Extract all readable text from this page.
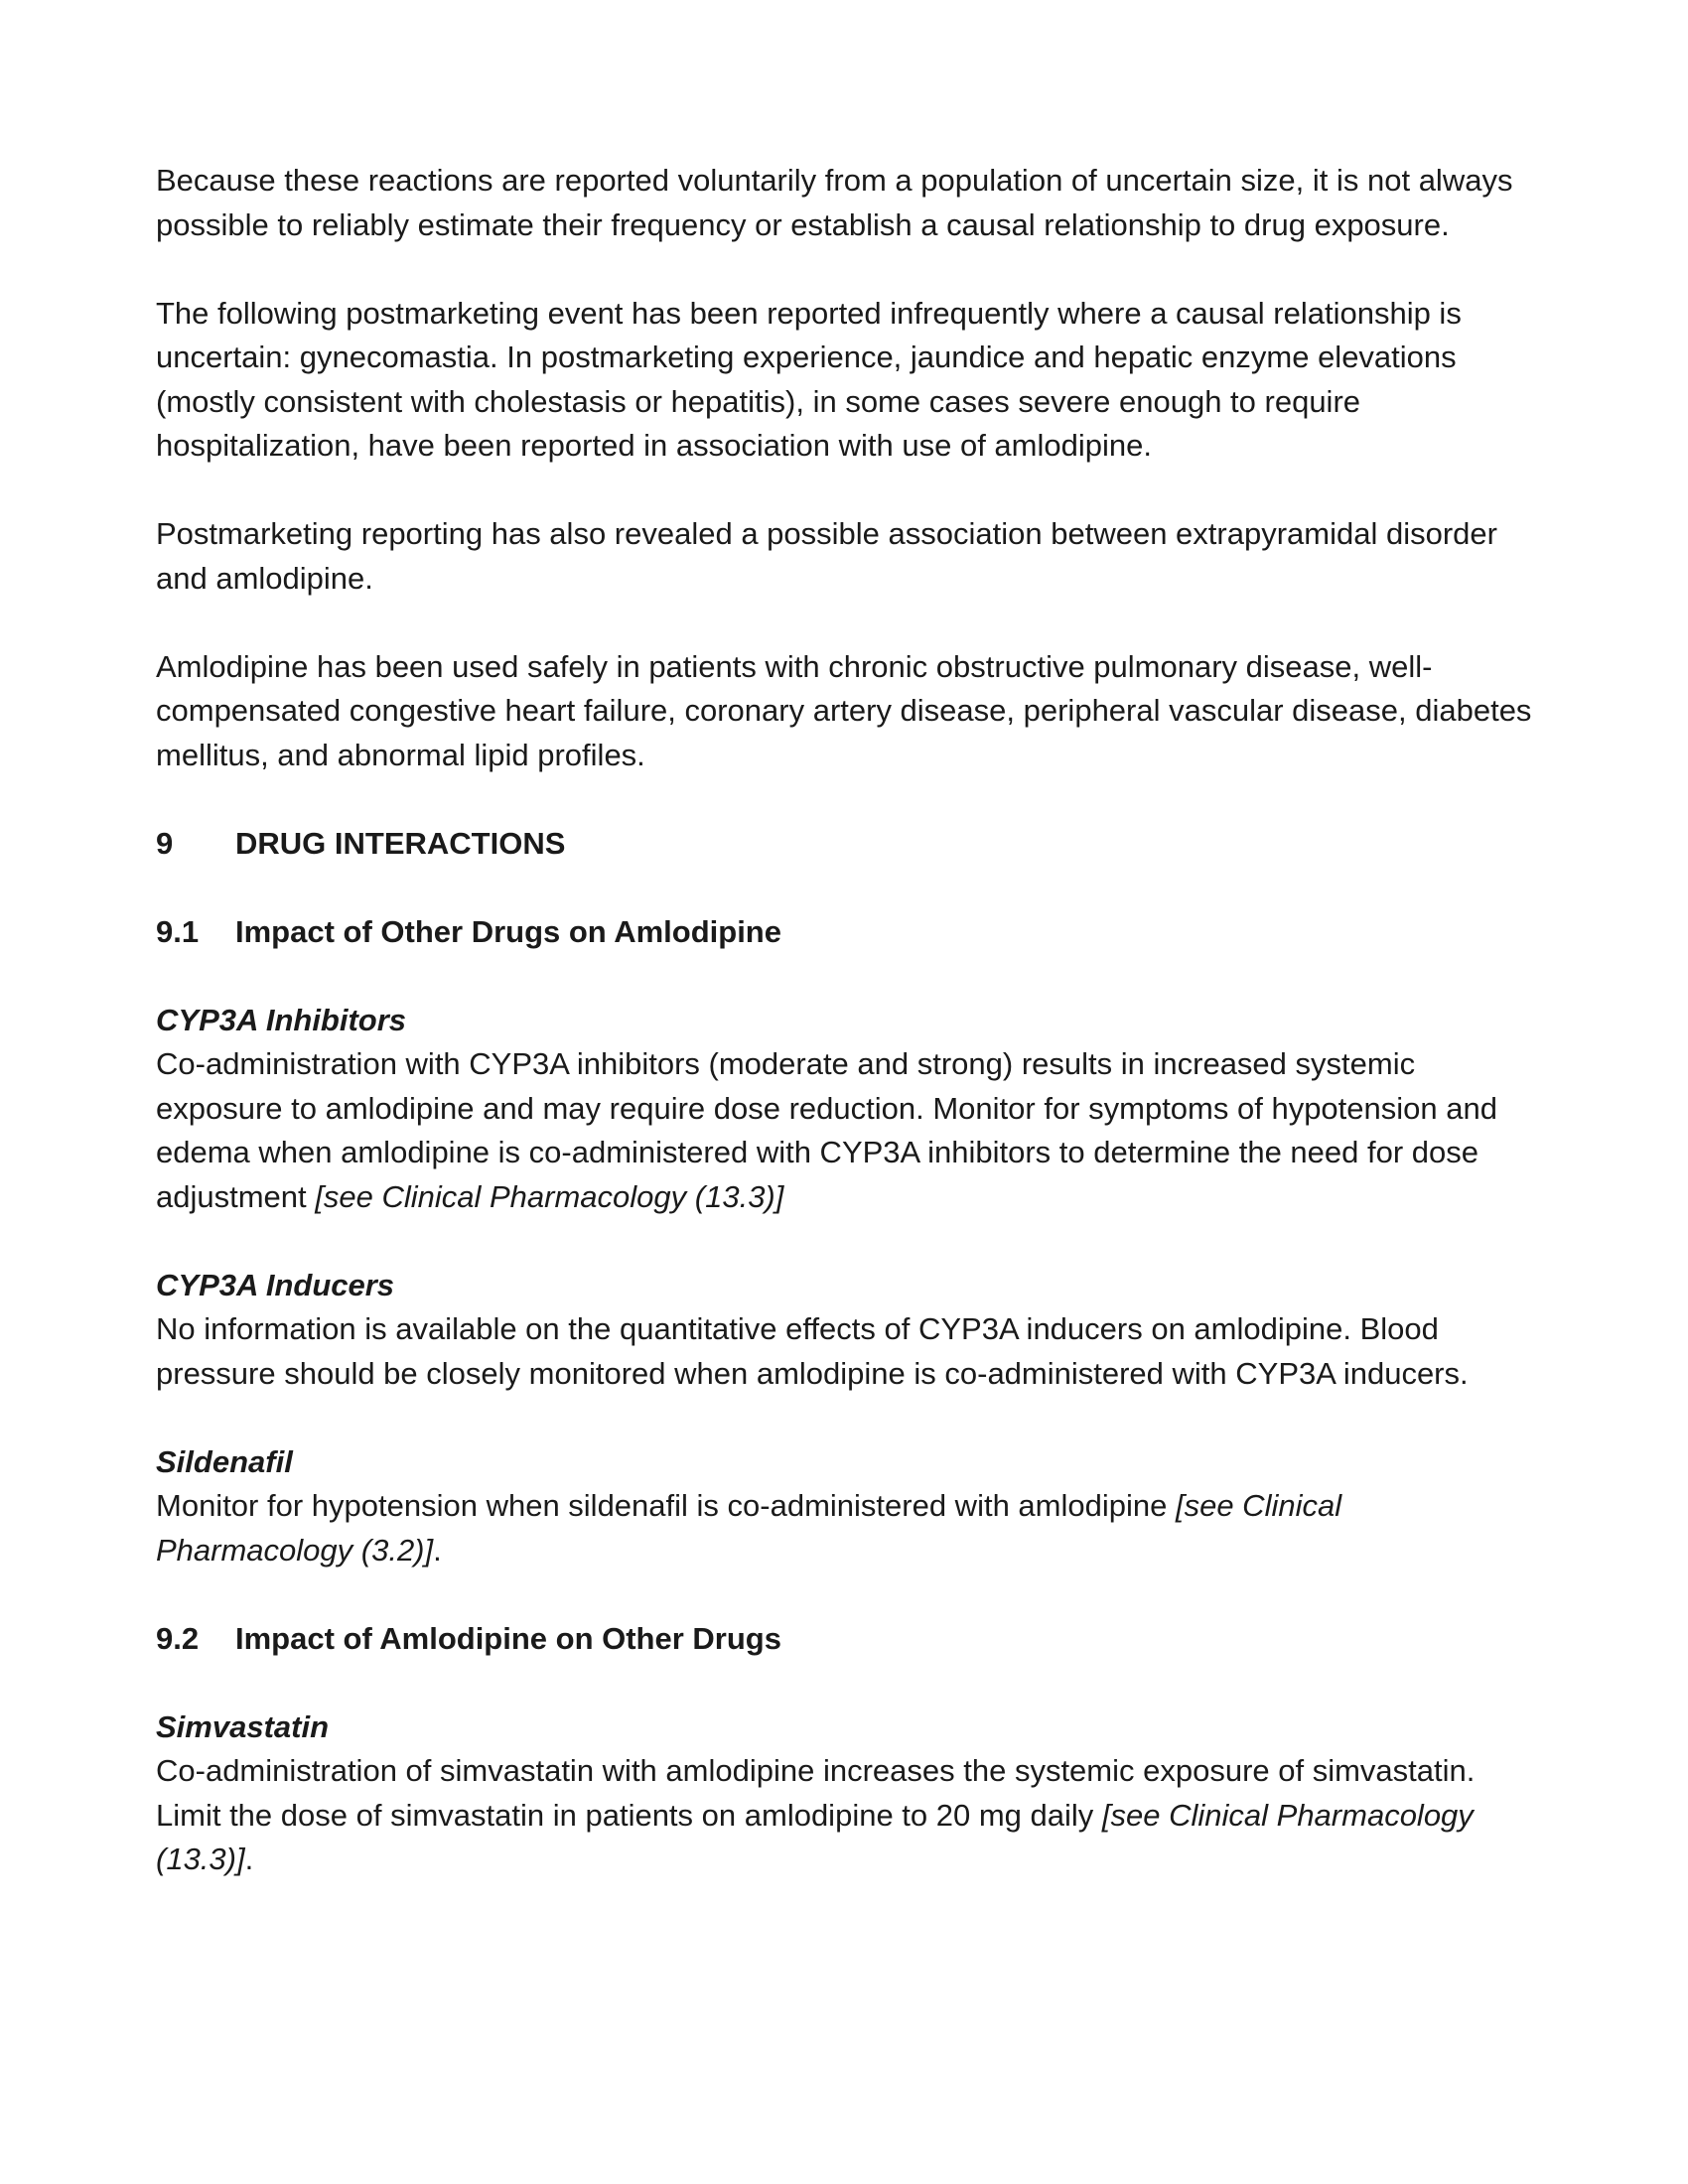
Because these reactions are reported voluntarily from a population of uncertain size, it is not always possible to reliably estimate their frequency or establish a causal relationship to drug exposure.

The following postmarketing event has been reported infrequently where a causal relationship is uncertain: gynecomastia. In postmarketing experience, jaundice and hepatic enzyme elevations (mostly consistent with cholestasis or hepatitis), in some cases severe enough to require hospitalization, have been reported in association with use of amlodipine.

Postmarketing reporting has also revealed a possible association between extrapyramidal disorder and amlodipine.

Amlodipine has been used safely in patients with chronic obstructive pulmonary disease, well-compensated congestive heart failure, coronary artery disease, peripheral vascular disease, diabetes mellitus, and abnormal lipid profiles.

9 DRUG INTERACTIONS
9.1 Impact of Other Drugs on Amlodipine
CYP3A Inhibitors
Co-administration with CYP3A inhibitors (moderate and strong) results in increased systemic exposure to amlodipine and may require dose reduction. Monitor for symptoms of hypotension and edema when amlodipine is co-administered with CYP3A inhibitors to determine the need for dose adjustment [see Clinical Pharmacology (13.3)]
CYP3A Inducers
No information is available on the quantitative effects of CYP3A inducers on amlodipine. Blood pressure should be closely monitored when amlodipine is co-administered with CYP3A inducers.
Sildenafil
Monitor for hypotension when sildenafil is co-administered with amlodipine [see Clinical Pharmacology (3.2)].
9.2 Impact of Amlodipine on Other Drugs
Simvastatin
Co-administration of simvastatin with amlodipine increases the systemic exposure of simvastatin. Limit the dose of simvastatin in patients on amlodipine to 20 mg daily [see Clinical Pharmacology (13.3)].
